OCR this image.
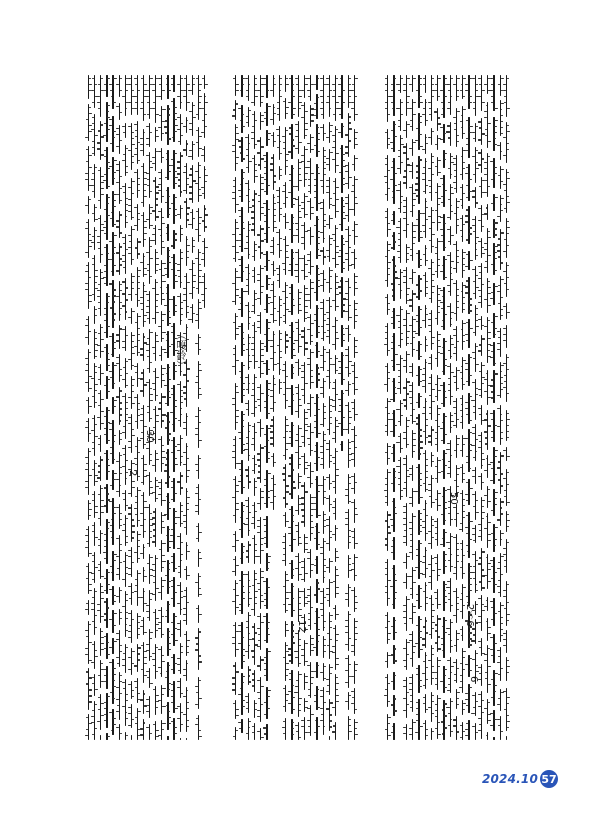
（嘎鈴）
30
2
50
2～6
12
6
2024.10 57
